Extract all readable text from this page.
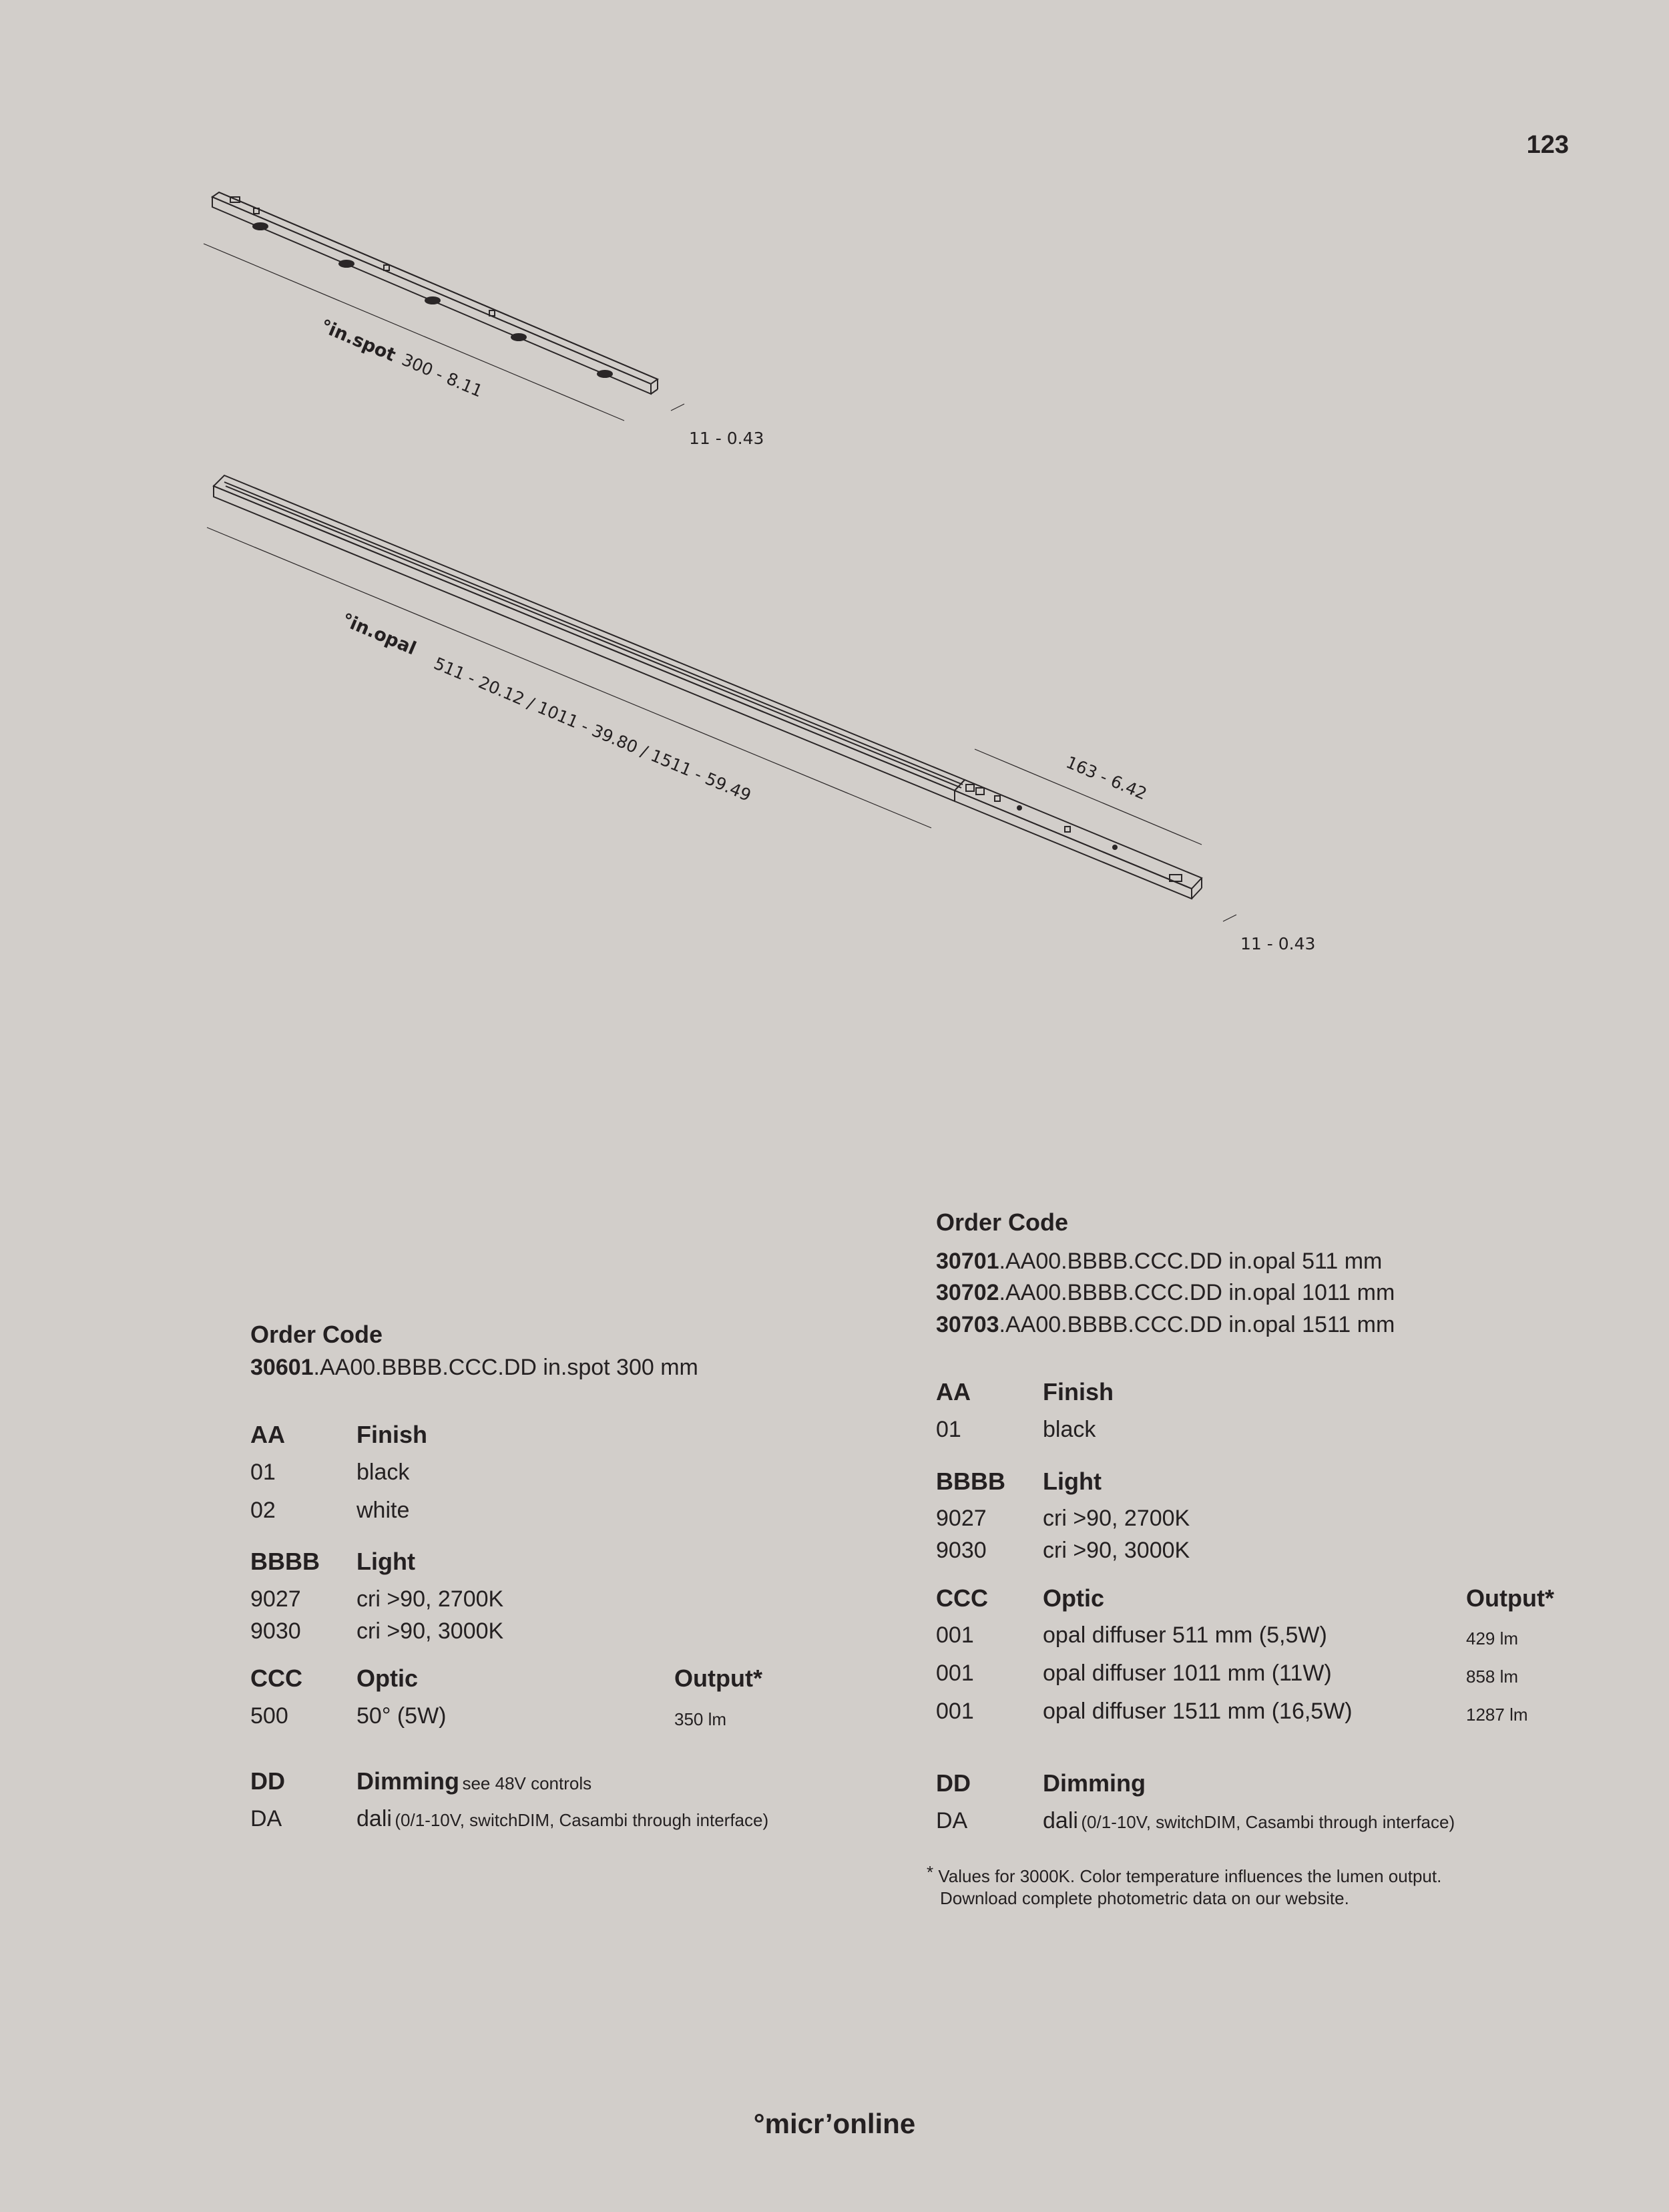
123
°in.spot
300 - 8.11
11 - 0.43
°in.opal
511 - 20.12 / 1011 - 39.80 / 1511 - 59.49	163 - 6.42
11 - 0.43
Order Code
30601.AA00.BBBB.CCC.DD in.spot 300 mm
AA	Finish
01	black
02	white
BBBB Light
9027 cri >90, 2700K
9030 cri >90, 3000K
CCC Optic	Output*
500	50° (5W)	350 lm
DD	Dimming see 48V controls
DA	dali (0/1-10V, switchDIM, Casambi through interface)
Order Code
30701.AA00.BBBB.CCC.DD in.opal 511 mm
30702.AA00.BBBB.CCC.DD in.opal 1011 mm
30703.AA00.BBBB.CCC.DD in.opal 1511 mm
AA	Finish
01	black
BBBB Light
9027 cri >90, 2700K
9030 cri >90, 3000K
CCC Optic	Output*
001	opal diffuser 511 mm (5,5W)	429 lm
001	opal diffuser 1011 mm (11W)	858 lm
001	opal diffuser 1511 mm (16,5W)	1287 lm
DD	Dimming
DA	dali (0/1-10V, switchDIM, Casambi through interface)
* Values for 3000K. Color temperature influences the lumen output.
Download complete photometric data on our website.
°micr’online
